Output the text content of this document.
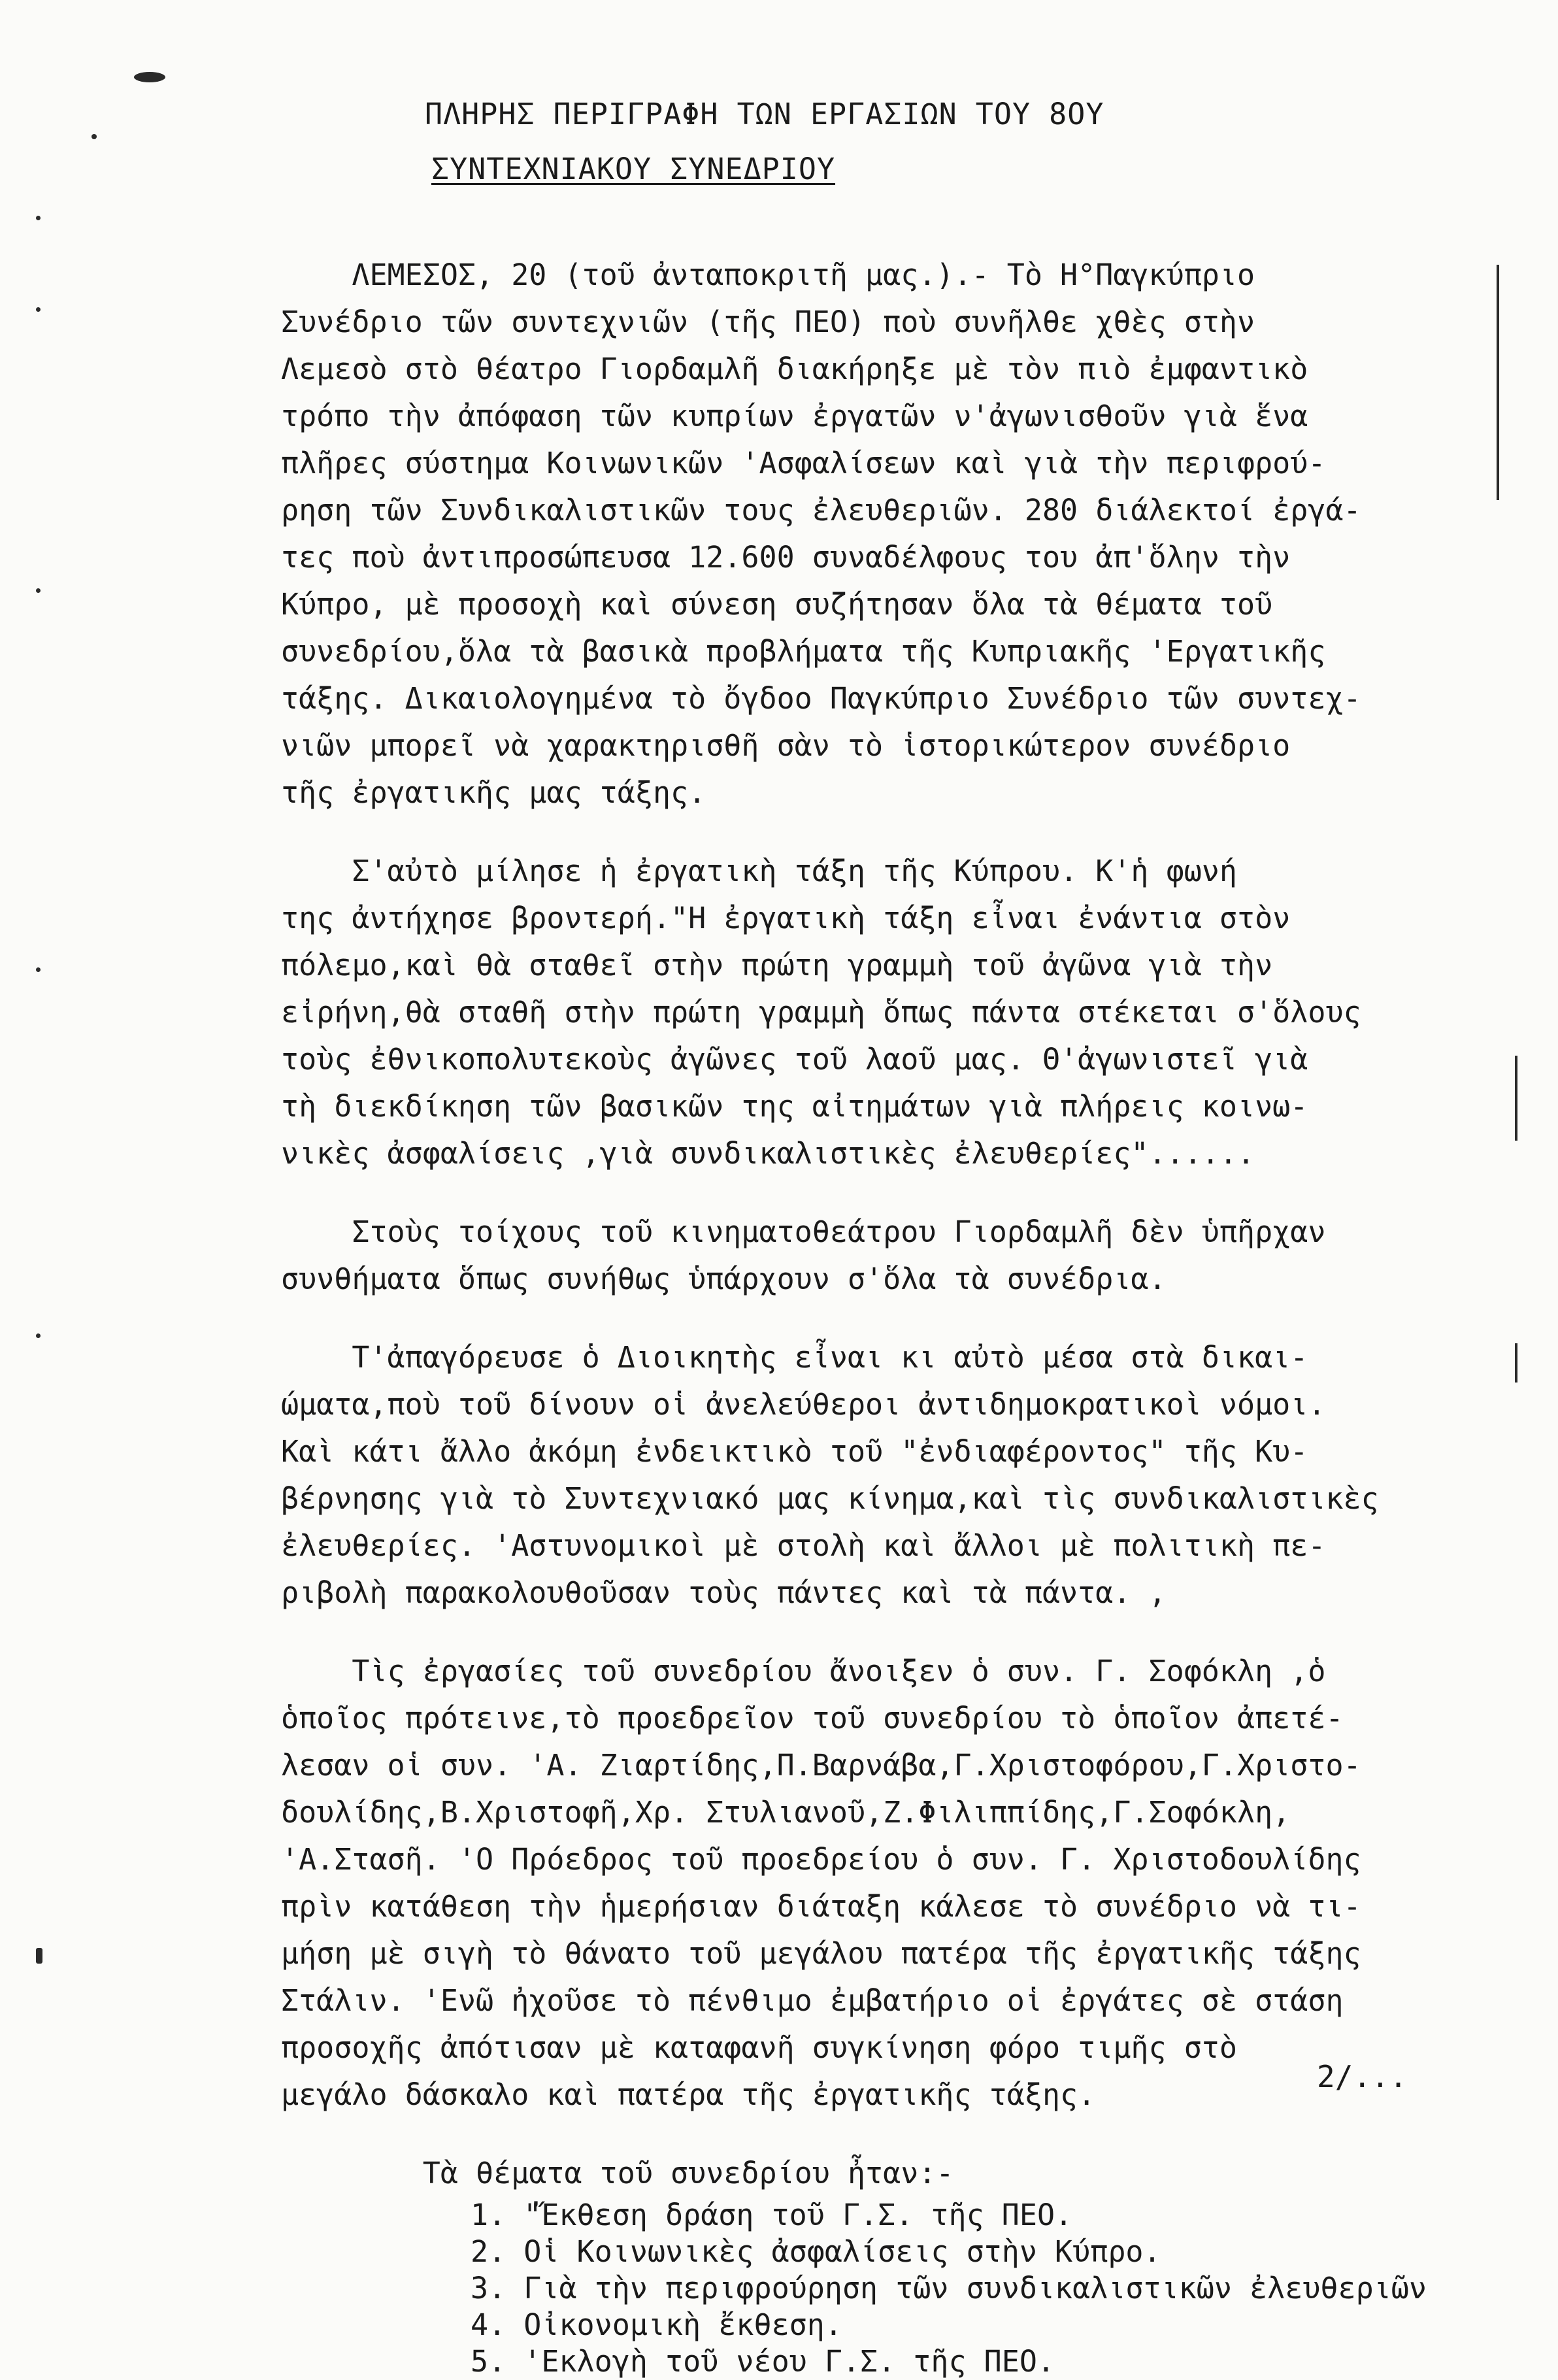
ΠΛΗΡΗΣ ΠΕΡΙΓΡΑΦΗ ΤΩΝ ΕΡΓΑΣΙΩΝ ΤΟΥ 8ΟΥ
ΣΥΝΤΕΧΝΙΑΚΟΥ ΣΥΝΕΔΡΙΟΥ

ΛΕΜΕΣΟΣ, 20 (τοῦ ἀνταποκριτῆ μας.).- Τὸ Η°Παγκύπριο

Συνέδριο τῶν συντεχνιῶν (τῆς ΠΕΟ) ποὺ συνῆλθε χθὲς στὴν

Λεμεσὸ στὸ θέατρο Γιορδαμλῆ διακήρηξε μὲ τὸν πιὸ ἐμφαντικὸ

τρόπο τὴν ἀπόφαση τῶν κυπρίων ἐργατῶν ν'ἀγωνισθοῦν γιὰ ἕνα

πλῆρες σύστημα Κοινωνικῶν 'Ασφαλίσεων καὶ γιὰ τὴν περιφρού-

ρηση τῶν Συνδικαλιστικῶν τους ἐλευθεριῶν. 280 διάλεκτοί ἐργά-

τες ποὺ ἀντιπροσώπευσα 12.600 συναδέλφους του ἀπ'ὅλην τὴν

Κύπρο, μὲ προσοχὴ καὶ σύνεση συζήτησαν ὅλα τὰ θέματα τοῦ

συνεδρίου,ὅλα τὰ βασικὰ προβλήματα τῆς Κυπριακῆς 'Εργατικῆς

τάξης. Δικαιολογημένα τὸ ὄγδοο Παγκύπριο Συνέδριο τῶν συντεχ-

νιῶν μπορεῖ νὰ χαρακτηρισθῆ σὰν τὸ ἱστορικώτερον συνέδριο

τῆς ἐργατικῆς μας τάξης.

Σ'αὐτὸ μίλησε ἡ ἐργατικὴ τάξη τῆς Κύπρου. Κ'ἡ φωνή

της ἀντήχησε βροντερή."Η ἐργατικὴ τάξη εἶναι ἐνάντια στὸν

πόλεμο,καὶ θὰ σταθεῖ στὴν πρώτη γραμμὴ τοῦ ἀγῶνα γιὰ τὴν

εἰρήνη,θὰ σταθῆ στὴν πρώτη γραμμὴ ὅπως πάντα στέκεται σ'ὅλους

τοὺς ἐθνικοπολυτεκοὺς ἀγῶνες τοῦ λαοῦ μας. Θ'ἀγωνιστεῖ γιὰ

τὴ διεκδίκηση τῶν βασικῶν της αἰτημάτων γιὰ πλήρεις κοινω-

νικὲς ἀσφαλίσεις ,γιὰ συνδικαλιστικὲς ἐλευθερίες"......

Στοὺς τοίχους τοῦ κινηματοθεάτρου Γιορδαμλῆ δὲν ὑπῆρχαν

συνθήματα ὅπως συνήθως ὑπάρχουν σ'ὅλα τὰ συνέδρια.

Τ'ἀπαγόρευσε ὁ Διοικητὴς εἶναι κι αὐτὸ μέσα στὰ δικαι-

ώματα,ποὺ τοῦ δίνουν οἱ ἀνελεύθεροι ἀντιδημοκρατικοὶ νόμοι.

Καὶ κάτι ἄλλο ἀκόμη ἐνδεικτικὸ τοῦ "ἐνδιαφέροντος" τῆς Κυ-

βέρνησης γιὰ τὸ Συντεχνιακό μας κίνημα,καὶ τὶς συνδικαλιστικὲς

ἐλευθερίες. 'Αστυνομικοὶ μὲ στολὴ καὶ ἄλλοι μὲ πολιτικὴ πε-

ριβολὴ παρακολουθοῦσαν τοὺς πάντες καὶ τὰ πάντα. ,

Τὶς ἐργασίες τοῦ συνεδρίου ἄνοιξεν ὁ συν. Γ. Σοφόκλη ,ὁ

ὁποῖος πρότεινε,τὸ προεδρεῖον τοῦ συνεδρίου τὸ ὁποῖον ἀπετέ-

λεσαν οἱ συν. 'Α. Ζιαρτίδης,Π.Βαρνάβα,Γ.Χριστοφόρου,Γ.Χριστο-

δουλίδης,Β.Χριστοφῆ,Χρ. Στυλιανοῦ,Ζ.Φιλιππίδης,Γ.Σοφόκλη,

'Α.Στασῆ. 'Ο Πρόεδρος τοῦ προεδρείου ὁ συν. Γ. Χριστοδουλίδης

πρὶν κατάθεση τὴν ἡμερήσιαν διάταξη κάλεσε τὸ συνέδριο νὰ τι-

μήση μὲ σιγὴ τὸ θάνατο τοῦ μεγάλου πατέρα τῆς ἐργατικῆς τάξης

Στάλιν. 'Ενῶ ἠχοῦσε τὸ πένθιμο ἐμβατήριο οἱ ἐργάτες σὲ στάση

προσοχῆς ἀπότισαν μὲ καταφανῆ συγκίνηση φόρο τιμῆς στὸ

μεγάλο δάσκαλο καὶ πατέρα τῆς ἐργατικῆς τάξης.

Τὰ θέματα τοῦ συνεδρίου ἦταν:-

1. "Ἔκθεση δράση τοῦ Γ.Σ. τῆς ΠΕΟ.
2. Οἱ Κοινωνικὲς ἀσφαλίσεις στὴν Κύπρο.
3. Γιὰ τὴν περιφρούρηση τῶν συνδικαλιστικῶν ἐλευθεριῶν
4. Οἰκονομικὴ ἔκθεση.
5. 'Εκλογὴ τοῦ νέου Γ.Σ. τῆς ΠΕΟ.
2/...
